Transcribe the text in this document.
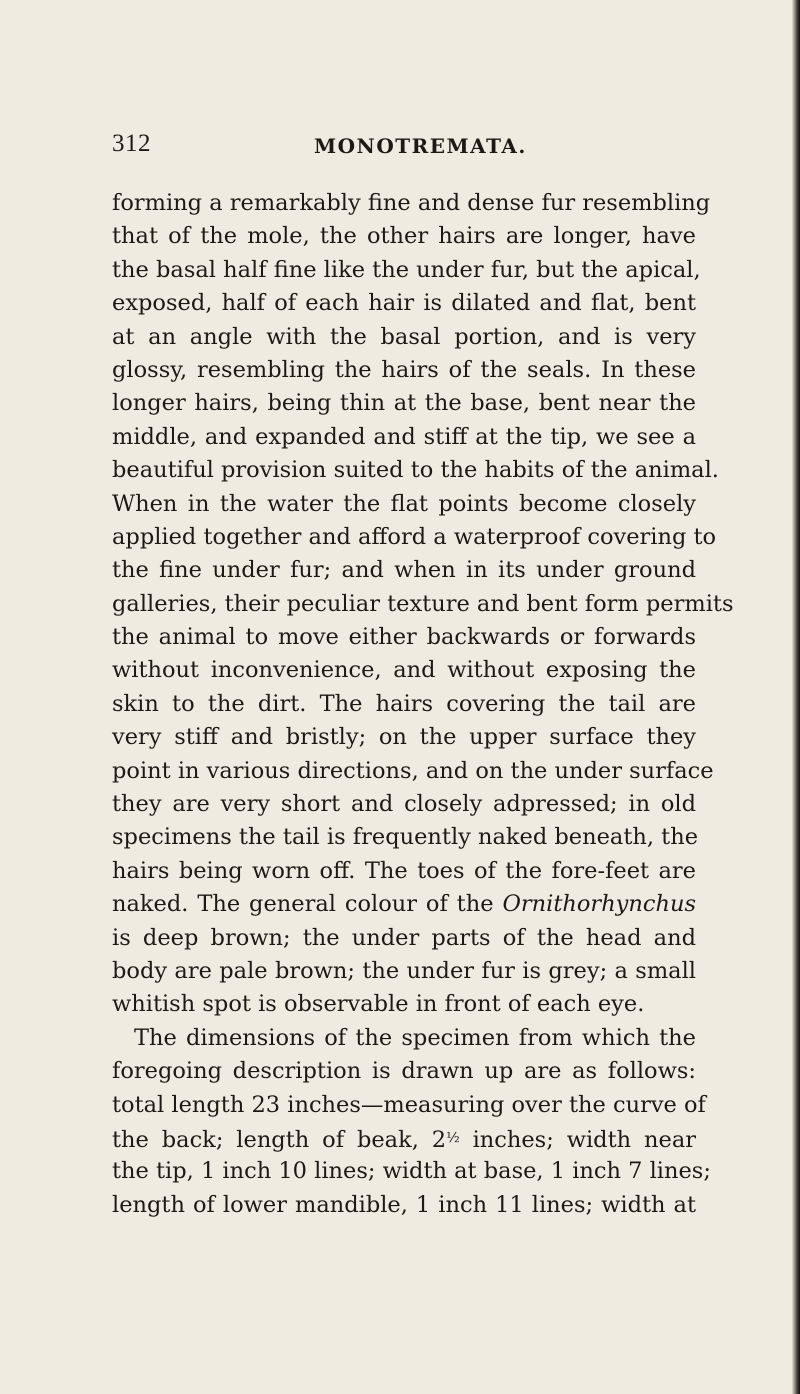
312	MONOTREMATA.
forming a remarkably fine and dense fur resembling
that of the mole, the other hairs are longer, have
the basal half fine like the under fur, but the apical,
exposed, half of each hair is dilated and flat, bent
at an angle with the basal portion, and is very
glossy, resembling the hairs of the seals. In these
longer hairs, being thin at the base, bent near the
middle, and expanded and stiff at the tip, we see a
beautiful provision suited to the habits of the animal.
When in the water the flat points become closely
applied together and afford a waterproof covering to
the fine under fur; and when in its under ground
galleries, their peculiar texture and bent form permits
the animal to move either backwards or forwards
without inconvenience, and without exposing the
skin to the dirt. The hairs covering the tail are
very stiff and bristly; on the upper surface they
point in various directions, and on the under surface
they are very short and closely adpressed; in old
specimens the tail is frequently naked beneath, the
hairs being worn off. The toes of the fore-feet are
naked. The general colour of the Ornithorhynchus
is deep brown; the under parts of the head and
body are pale brown; the under fur is grey; a small
whitish spot is observable in front of each eye.
The dimensions of the specimen from which the
foregoing description is drawn up are as follows:
total length 23 inches—measuring over the curve of
the back; length of beak, $2^{\frac{1}{2}}$ inches; width near
the tip, 1 inch 10 lines; width at base, 1 inch 7 lines;
length of lower mandible, 1 inch 11 lines; width at
